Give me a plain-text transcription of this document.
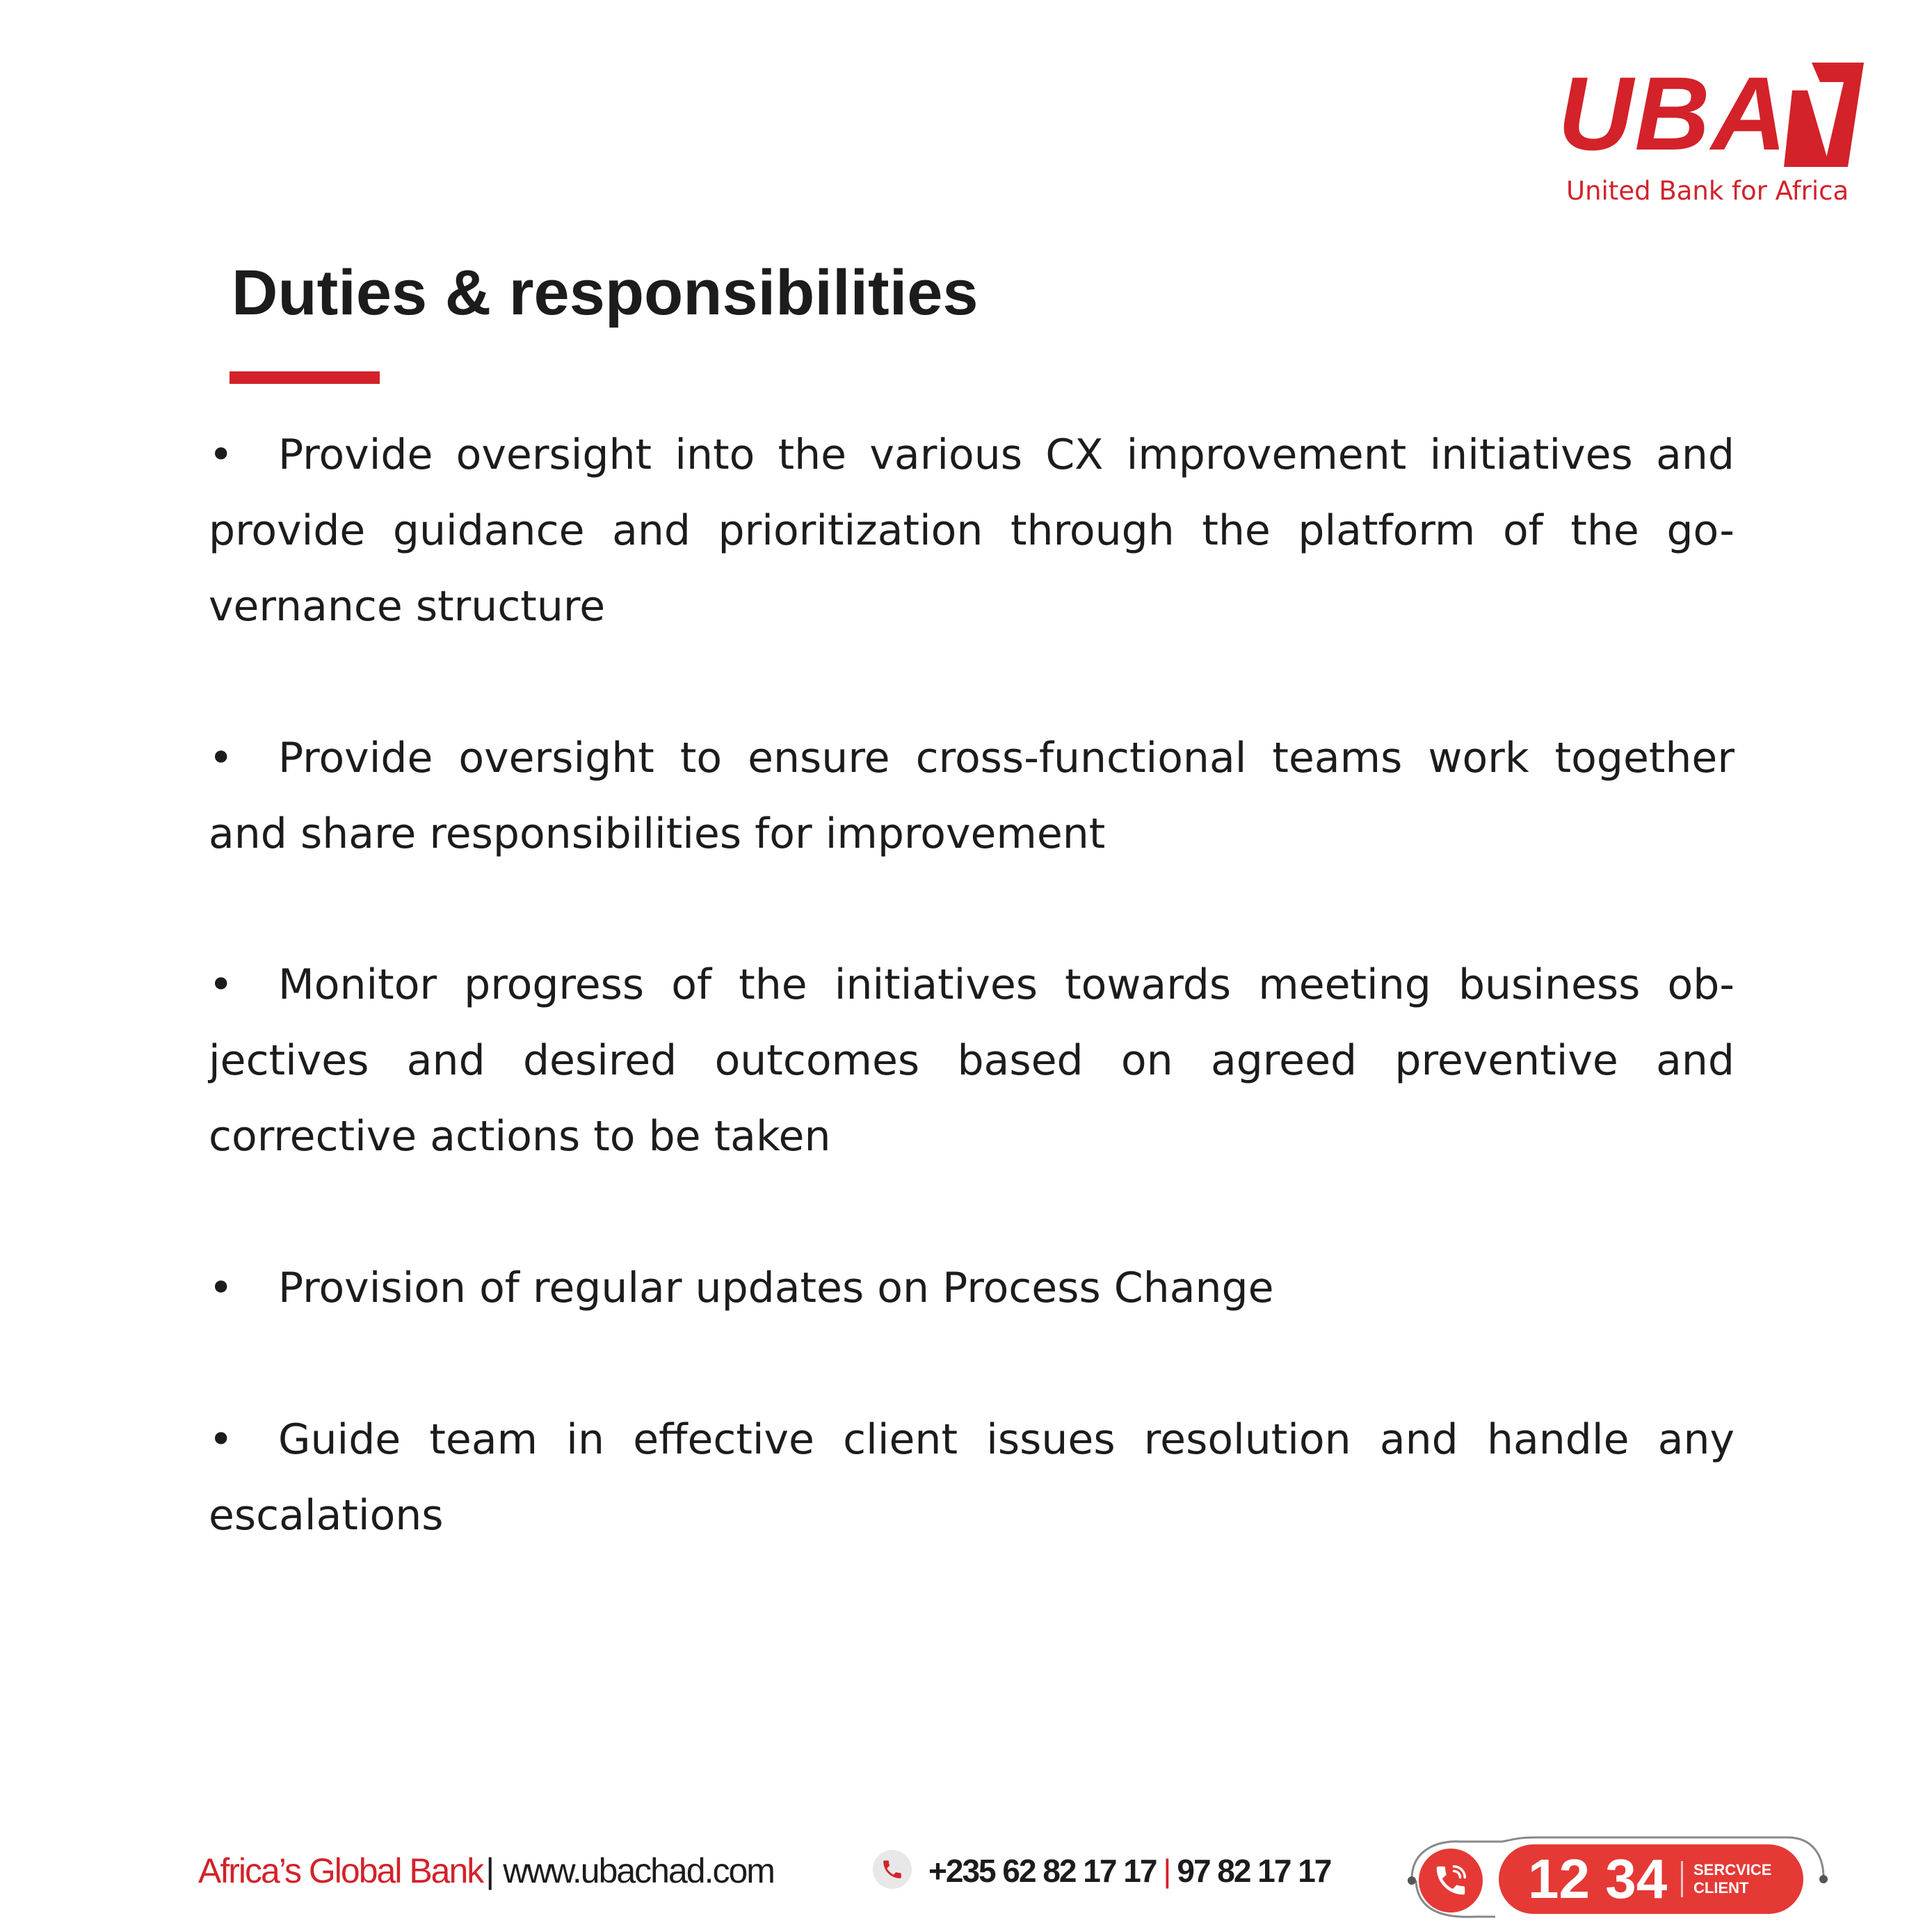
UBA
United Bank for Africa
Duties & responsibilities
• Provide oversight into the various CX improvement initiatives and provide guidance and prioritization through the platform of the go-vernance structure
• Provide oversight to ensure cross-functional teams work together and share responsibilities for improvement
• Monitor progress of the initiatives towards meeting business ob-jectives and desired outcomes based on agreed preventive and corrective actions to be taken
• Provision of regular updates on Process Change
• Guide team in effective client issues resolution and handle any escalations
Africa’s Global Bank| www.ubachad.com	+235 62 82 17 17 | 97 82 17 17	12 34 SERCVICE
CLIENT
